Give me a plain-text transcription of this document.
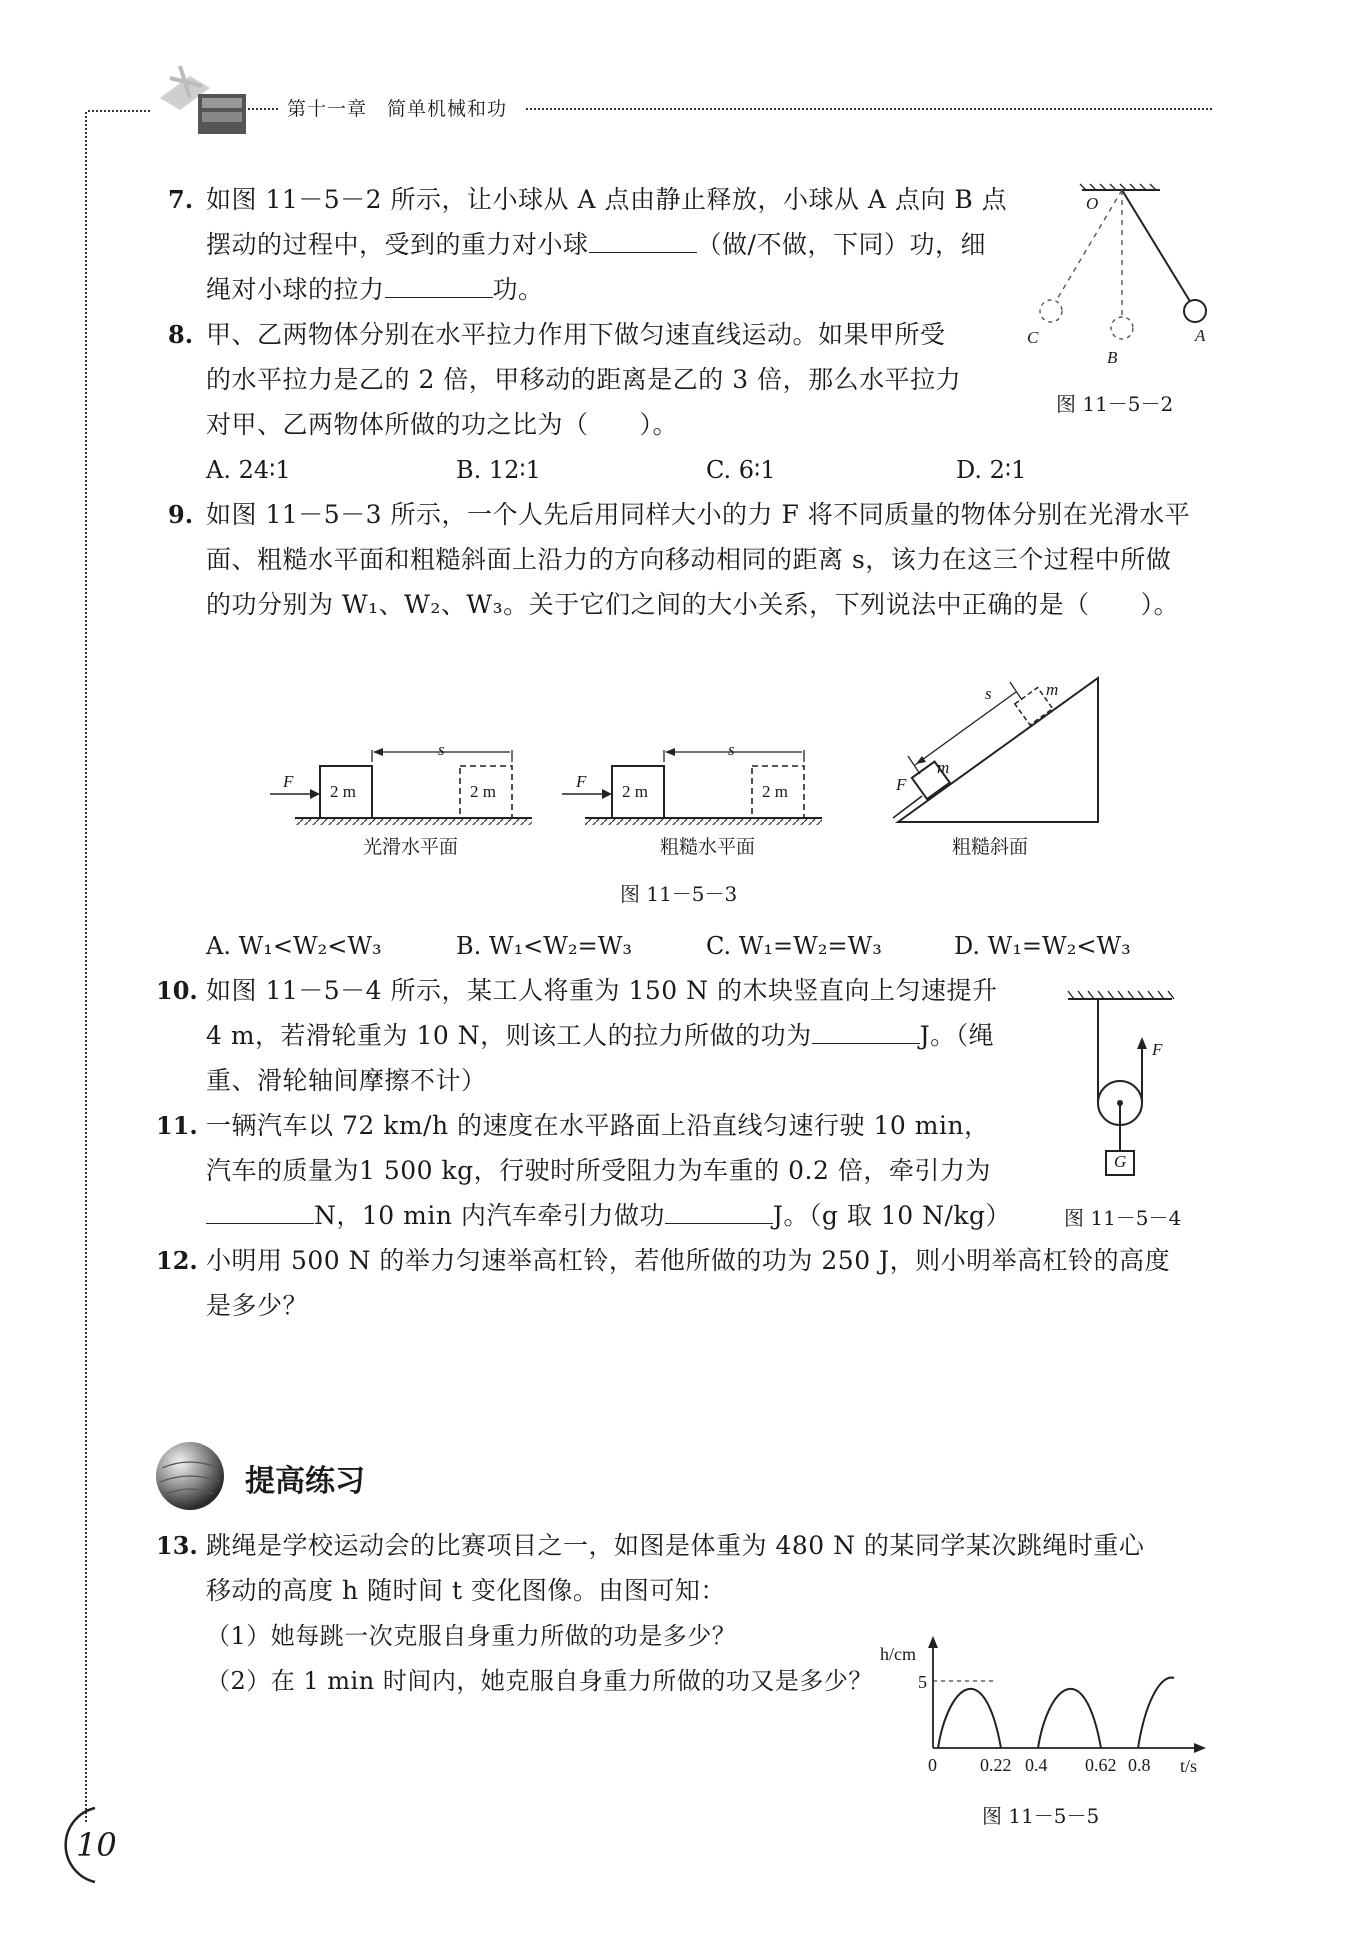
第十一章　简单机械和功
7. 如图 11－5－2 所示，让小球从 A 点由静止释放，小球从 A 点向 B 点
摆动的过程中，受到的重力对小球	（做/不做，下同）功，细
绳对小球的拉力	功。
O
A
B
C
图 11－5－2
8. 甲、乙两物体分别在水平拉力作用下做匀速直线运动。如果甲所受
的水平拉力是乙的 2 倍，甲移动的距离是乙的 3 倍，那么水平拉力
对甲、乙两物体所做的功之比为（　　）。
A. 24∶1	B. 12∶1	C. 6∶1	D. 2∶1
9. 如图 11－5－3 所示，一个人先后用同样大小的力 F 将不同质量的物体分别在光滑水平
面、粗糙水平面和粗糙斜面上沿力的方向移动相同的距离 s，该力在这三个过程中所做
的功分别为 W₁、W₂、W₃。关于它们之间的大小关系，下列说法中正确的是（　　）。
F
2 m	2 m
s
F
2 m	2 m
s
F
m
m
s
光滑水平面	粗糙水平面	粗糙斜面
图 11－5－3
A. W₁<W₂<W₃	B. W₁<W₂=W₃	C. W₁=W₂=W₃	D. W₁=W₂<W₃
10. 如图 11－5－4 所示，某工人将重为 150 N 的木块竖直向上匀速提升
4 m，若滑轮重为 10 N，则该工人的拉力所做的功为	J。（绳
重、滑轮轴间摩擦不计）
F
G
图 11－5－4
11. 一辆汽车以 72 km/h 的速度在水平路面上沿直线匀速行驶 10 min，
汽车的质量为1 500 kg，行驶时所受阻力为车重的 0.2 倍，牵引力为
N，10 min 内汽车牵引力做功	J。（g 取 10 N/kg）
12. 小明用 500 N 的举力匀速举高杠铃，若他所做的功为 250 J，则小明举高杠铃的高度
是多少？
提高练习
13. 跳绳是学校运动会的比赛项目之一，如图是体重为 480 N 的某同学某次跳绳时重心
移动的高度 h 随时间 t 变化图像。由图可知：
（1）她每跳一次克服自身重力所做的功是多少？
（2）在 1 min 时间内，她克服自身重力所做的功又是多少？
h/cm
t/s
5
0 0.22 0.4 0.62 0.8
图 11－5－5
10
